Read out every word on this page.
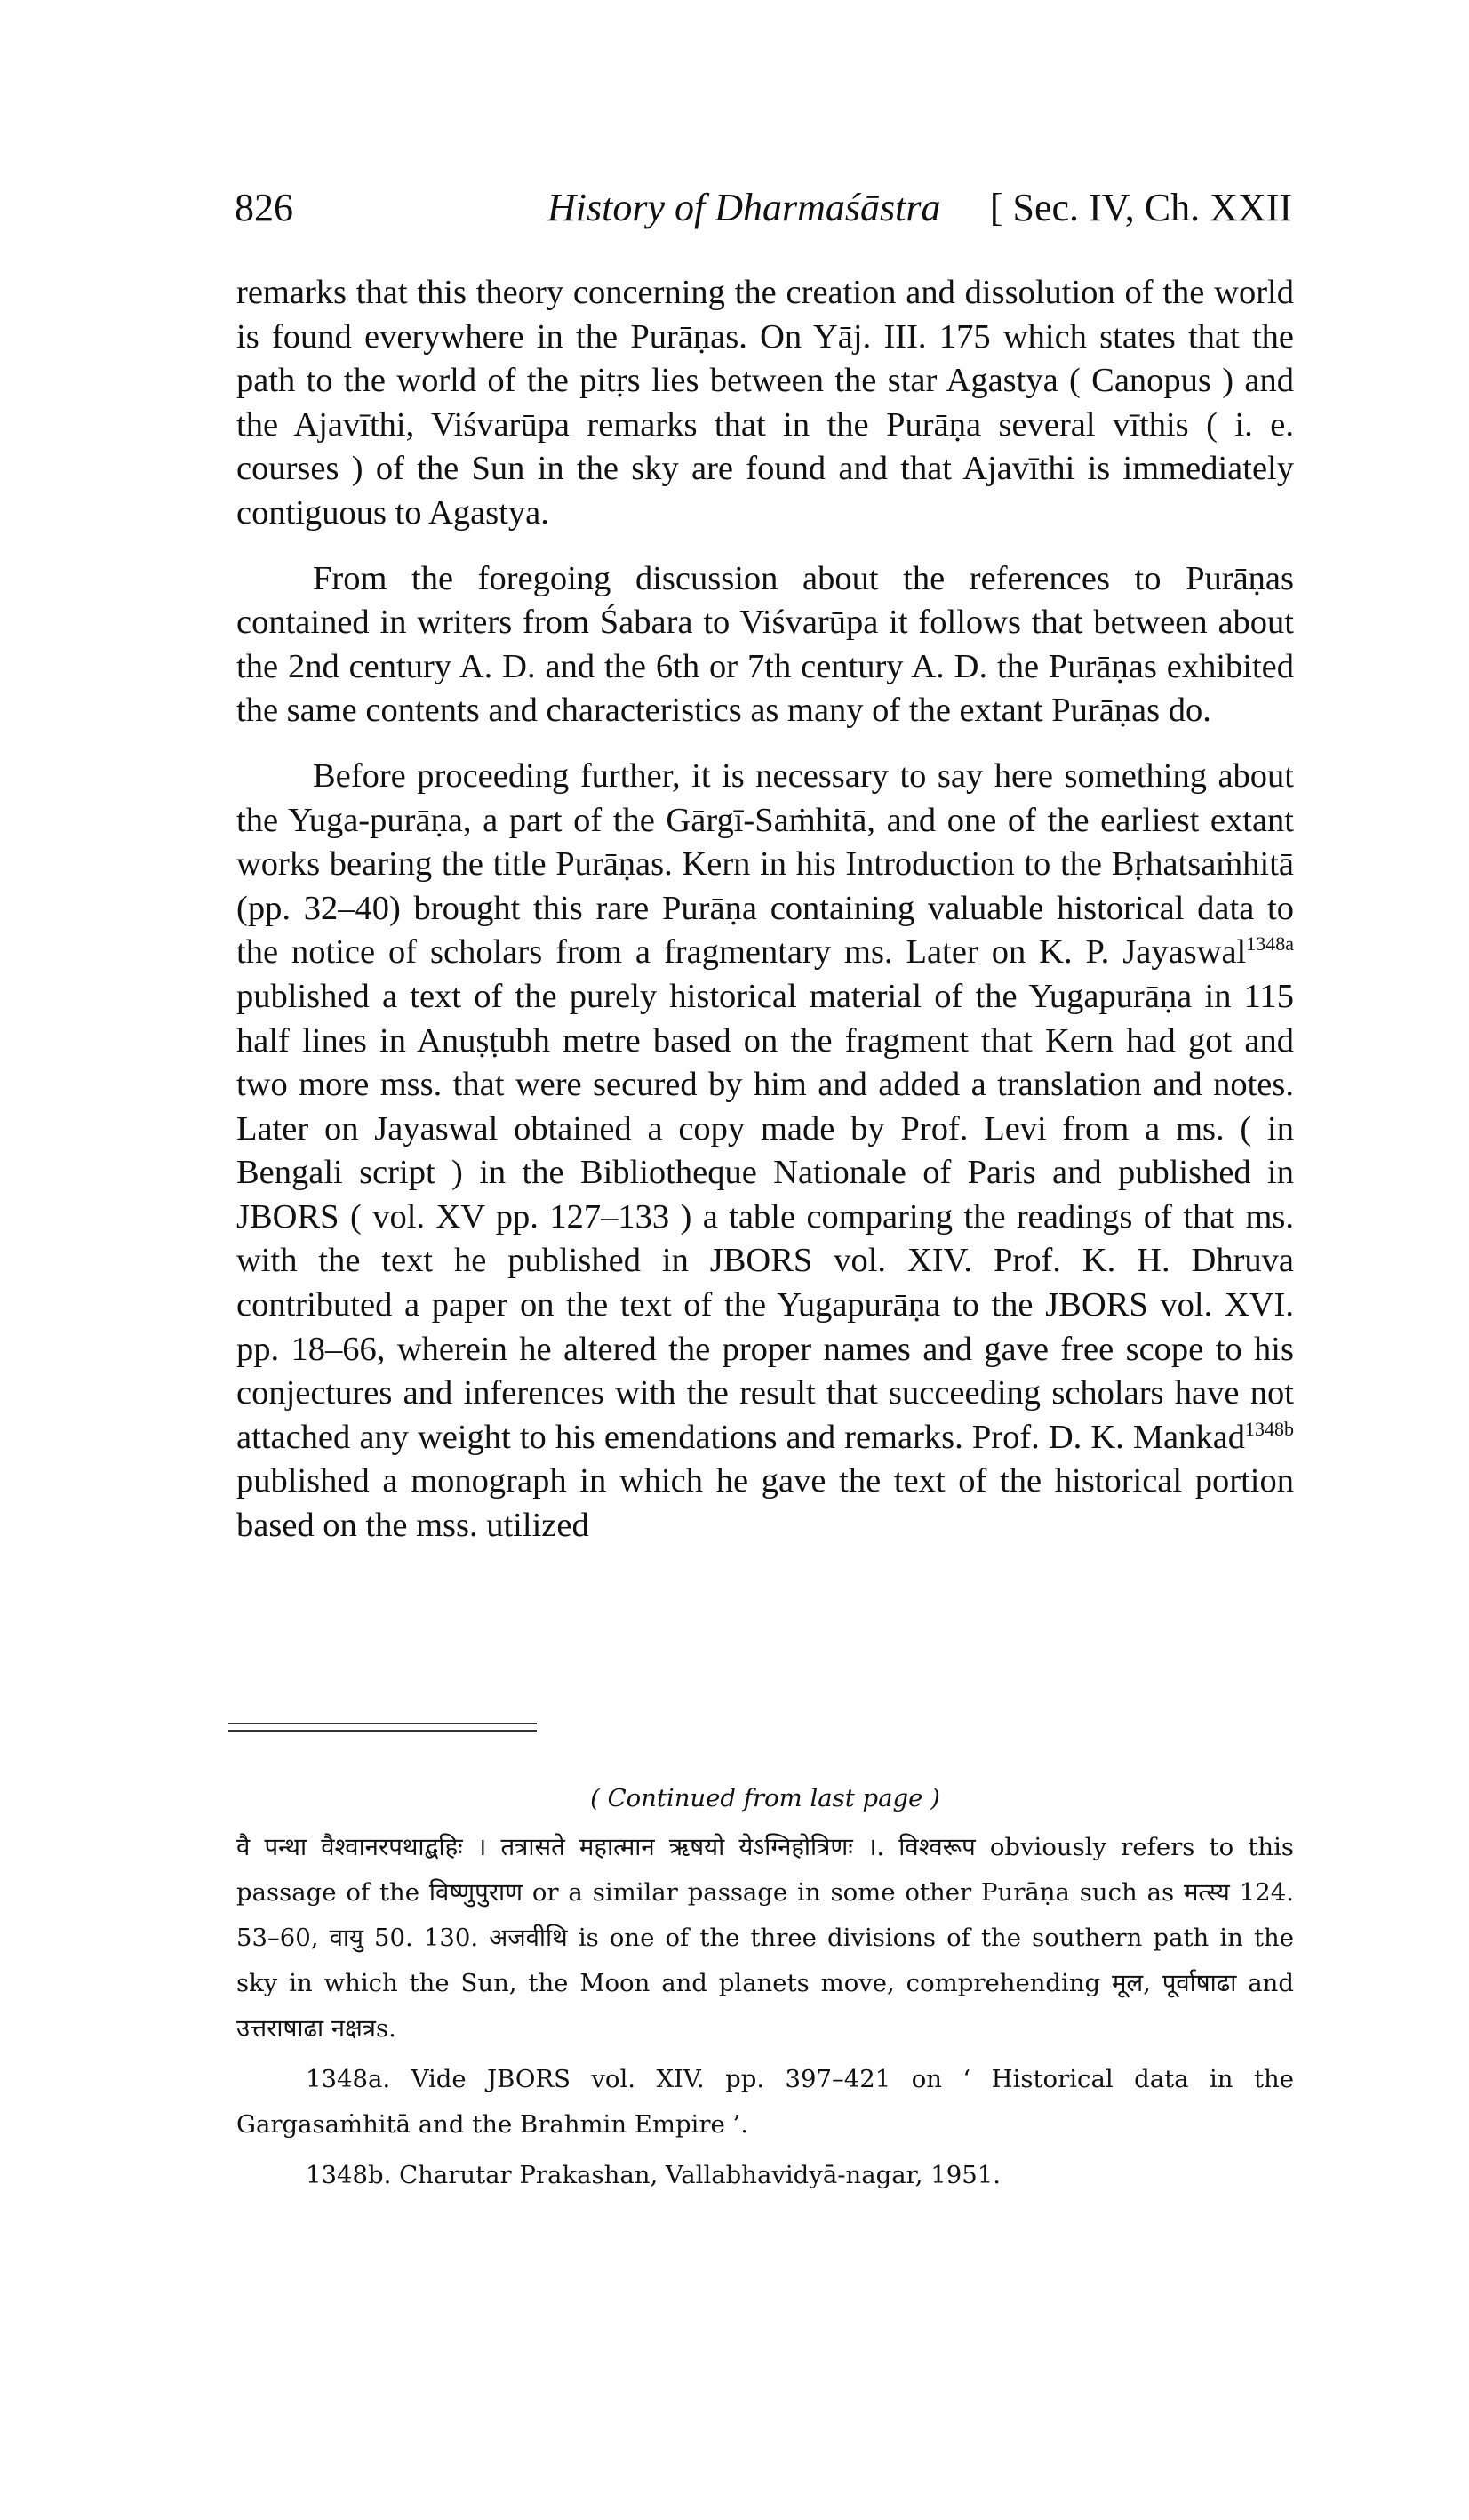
826	History of Dharmaśāstra [ Sec. IV, Ch. XXII

remarks that this theory concerning the creation and dissolution of the world is found everywhere in the Purāṇas. On Yāj. III. 175 which states that the path to the world of the pitṛs lies between the star Agastya ( Canopus ) and the Ajavīthi, Viśvarūpa remarks that in the Purāṇa several vīthis ( i. e. courses ) of the Sun in the sky are found and that Ajavīthi is immediately contiguous to Agastya.

From the foregoing discussion about the references to Purāṇas contained in writers from Śabara to Viśvarūpa it follows that between about the 2nd century A. D. and the 6th or 7th century A. D. the Purāṇas exhibited the same contents and characteristics as many of the extant Purāṇas do.

Before proceeding further, it is necessary to say here something about the Yuga-purāṇa, a part of the Gārgī-Saṁhitā, and one of the earliest extant works bearing the title Purāṇas. Kern in his Introduction to the Bṛhatsaṁhitā (pp. 32–40) brought this rare Purāṇa containing valuable historical data to the notice of scholars from a fragmentary ms. Later on K. P. Jayaswal$^{1348a}$ published a text of the purely historical material of the Yugapurāṇa in 115 half lines in Anuṣṭubh metre based on the fragment that Kern had got and two more mss. that were secured by him and added a translation and notes. Later on Jayaswal obtained a copy made by Prof. Levi from a ms. ( in Bengali script ) in the Bibliotheque Nationale of Paris and published in JBORS ( vol. XV pp. 127–133 ) a table comparing the readings of that ms. with the text he published in JBORS vol. XIV. Prof. K. H. Dhruva contributed a paper on the text of the Yugapurāṇa to the JBORS vol. XVI. pp. 18–66, wherein he altered the proper names and gave free scope to his conjectures and inferences with the result that succeeding scholars have not attached any weight to his emendations and remarks. Prof. D. K. Mankad$^{1348b}$ published a monograph in which he gave the text of the historical portion based on the mss. utilized

( Continued from last page )

वै पन्था वैश्वानरपथाद्बहिः । तत्रासते महात्मान ऋषयो येऽग्निहोत्रिणः ।. विश्वरूप obviously refers to this passage of the विष्णुपुराण or a similar passage in some other Purāṇa such as मत्स्य 124. 53–60, वायु 50. 130. अजवीथि is one of the three divisions of the southern path in the sky in which the Sun, the Moon and planets move, comprehending मूल, पूर्वाषाढा and उत्तराषाढा नक्षत्रs.

1348a. Vide JBORS vol. XIV. pp. 397–421 on ‘ Historical data in the Gargasaṁhitā and the Brahmin Empire ’.

1348b. Charutar Prakashan, Vallabhavidyā-nagar, 1951.
